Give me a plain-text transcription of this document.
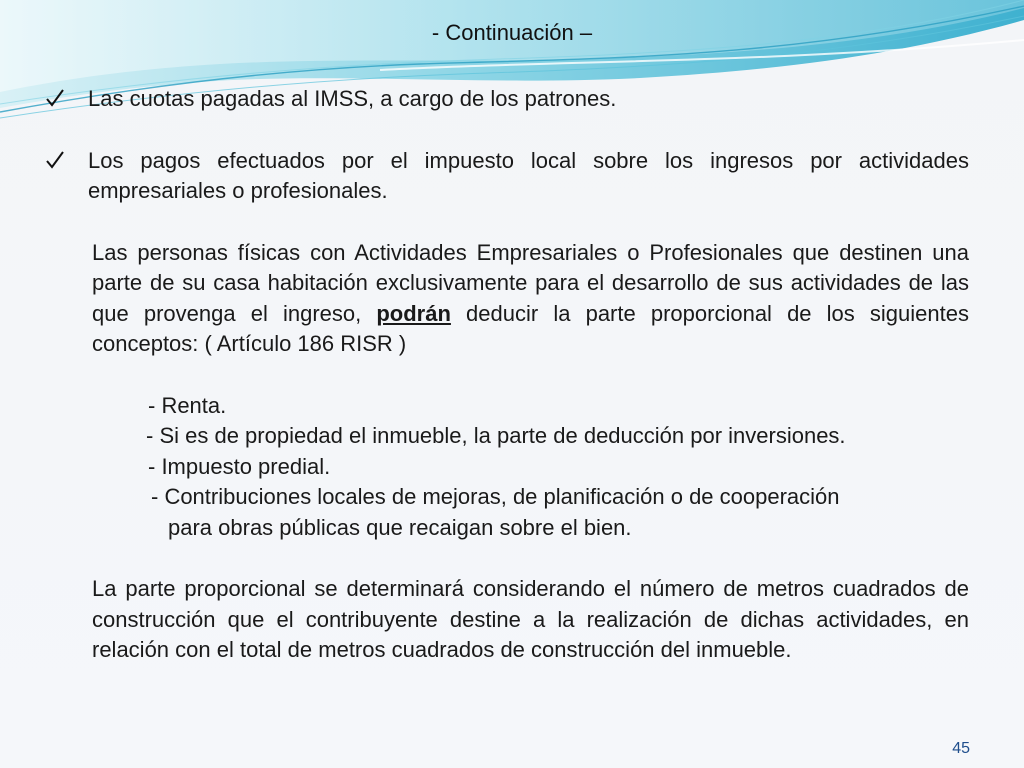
- Continuación –
Las cuotas pagadas al IMSS, a cargo de los patrones.
Los pagos efectuados por el impuesto local sobre los ingresos por actividades empresariales o profesionales.
Las personas físicas con Actividades Empresariales o Profesionales que destinen una parte de su casa habitación exclusivamente para el desarrollo de sus actividades de las que provenga el ingreso, podrán deducir la parte proporcional de los siguientes conceptos: ( Artículo 186 RISR )
- Renta.
- Si es de propiedad el inmueble, la parte de deducción por inversiones.
- Impuesto predial.
- Contribuciones locales de mejoras, de planificación o de cooperación
para obras públicas que recaigan sobre el bien.
La parte proporcional se determinará considerando el número de metros cuadrados de construcción que el contribuyente destine a la realización de dichas actividades, en relación con el total de metros cuadrados de construcción del inmueble.
45
